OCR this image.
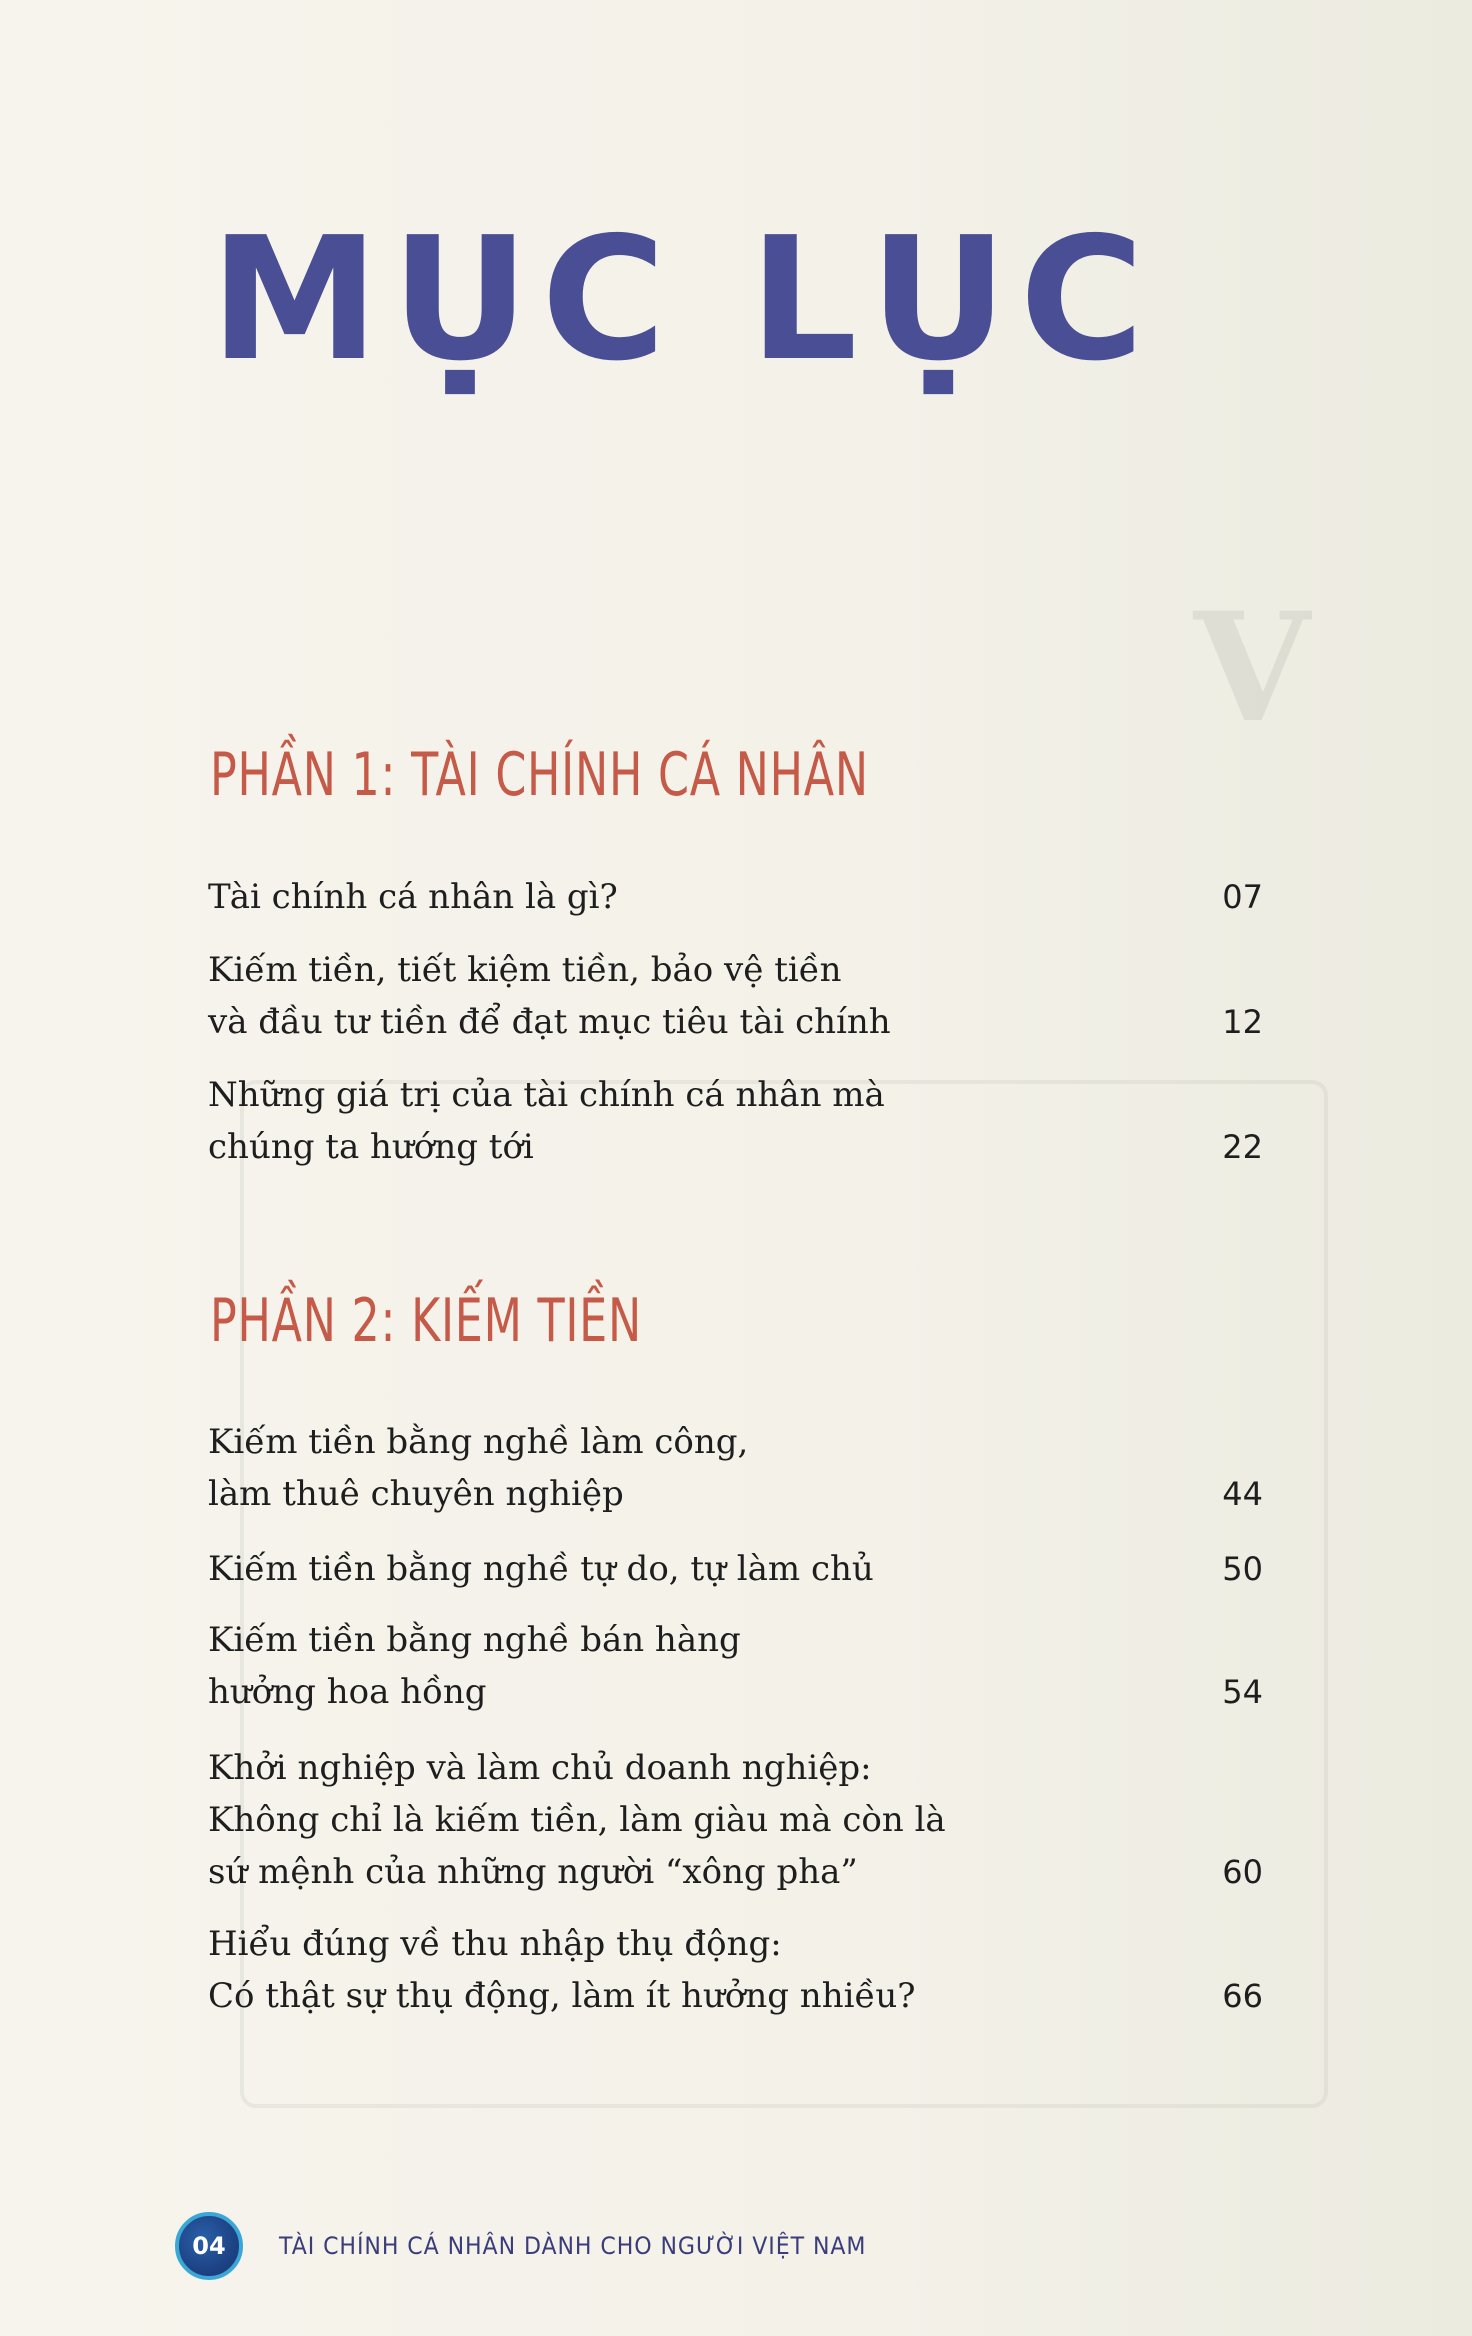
V
MỤC LỤC
PHẦN 1: TÀI CHÍNH CÁ NHÂN
Tài chính cá nhân là gì?	07
Kiếm tiền, tiết kiệm tiền, bảo vệ tiền
và đầu tư tiền để đạt mục tiêu tài chính	12
Những giá trị của tài chính cá nhân mà
chúng ta hướng tới	22
PHẦN 2: KIẾM TIỀN
Kiếm tiền bằng nghề làm công,
làm thuê chuyên nghiệp	44
Kiếm tiền bằng nghề tự do, tự làm chủ	50
Kiếm tiền bằng nghề bán hàng
hưởng hoa hồng	54
Khởi nghiệp và làm chủ doanh nghiệp:
Không chỉ là kiếm tiền, làm giàu mà còn là
sứ mệnh của những người “xông pha”	60
Hiểu đúng về thu nhập thụ động:
Có thật sự thụ động, làm ít hưởng nhiều?	66
04	TÀI CHÍNH CÁ NHÂN DÀNH CHO NGƯỜI VIỆT NAM
